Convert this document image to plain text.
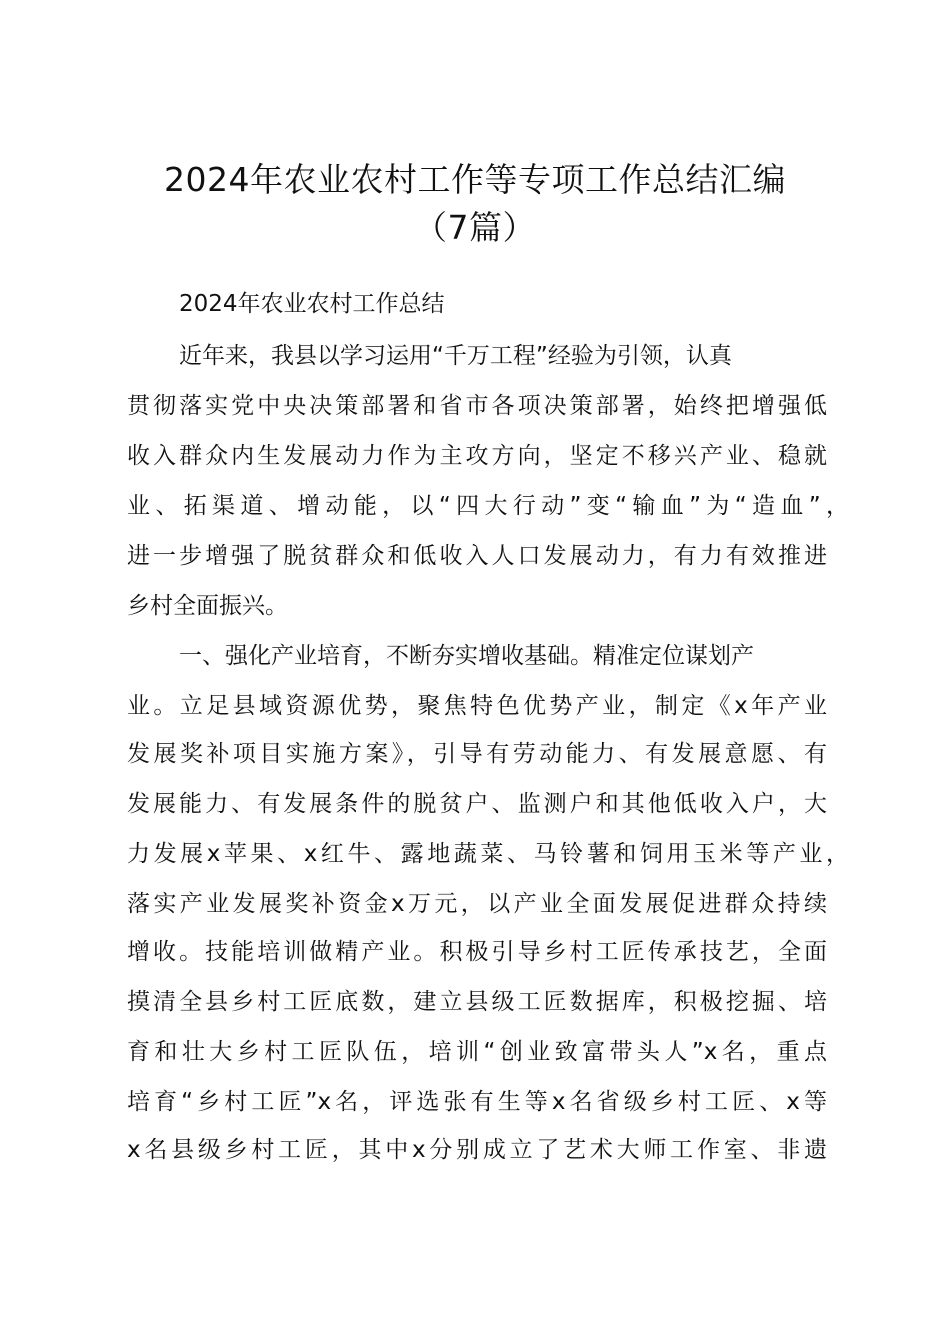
2024年农业农村工作等专项工作总结汇编
（7篇）
2024年农业农村工作总结
近年来，我县以学习运用“千万工程”经验为引领，认真
贯彻落实党中央决策部署和省市各项决策部署，始终把增强低
收入群众内生发展动力作为主攻方向，坚定不移兴产业、稳就
业、拓渠道、增动能，以“四大行动”变“输血”为“造血”，
进一步增强了脱贫群众和低收入人口发展动力，有力有效推进
乡村全面振兴。
一、强化产业培育，不断夯实增收基础。精准定位谋划产
业。立足县域资源优势，聚焦特色优势产业，制定《x年产业
发展奖补项目实施方案》，引导有劳动能力、有发展意愿、有
发展能力、有发展条件的脱贫户、监测户和其他低收入户，大
力发展x苹果、x红牛、露地蔬菜、马铃薯和饲用玉米等产业，
落实产业发展奖补资金x万元，以产业全面发展促进群众持续
增收。技能培训做精产业。积极引导乡村工匠传承技艺，全面
摸清全县乡村工匠底数，建立县级工匠数据库，积极挖掘、培
育和壮大乡村工匠队伍，培训“创业致富带头人”x名，重点
培育“乡村工匠”x名，评选张有生等x名省级乡村工匠、x等
x名县级乡村工匠，其中x分别成立了艺术大师工作室、非遗
